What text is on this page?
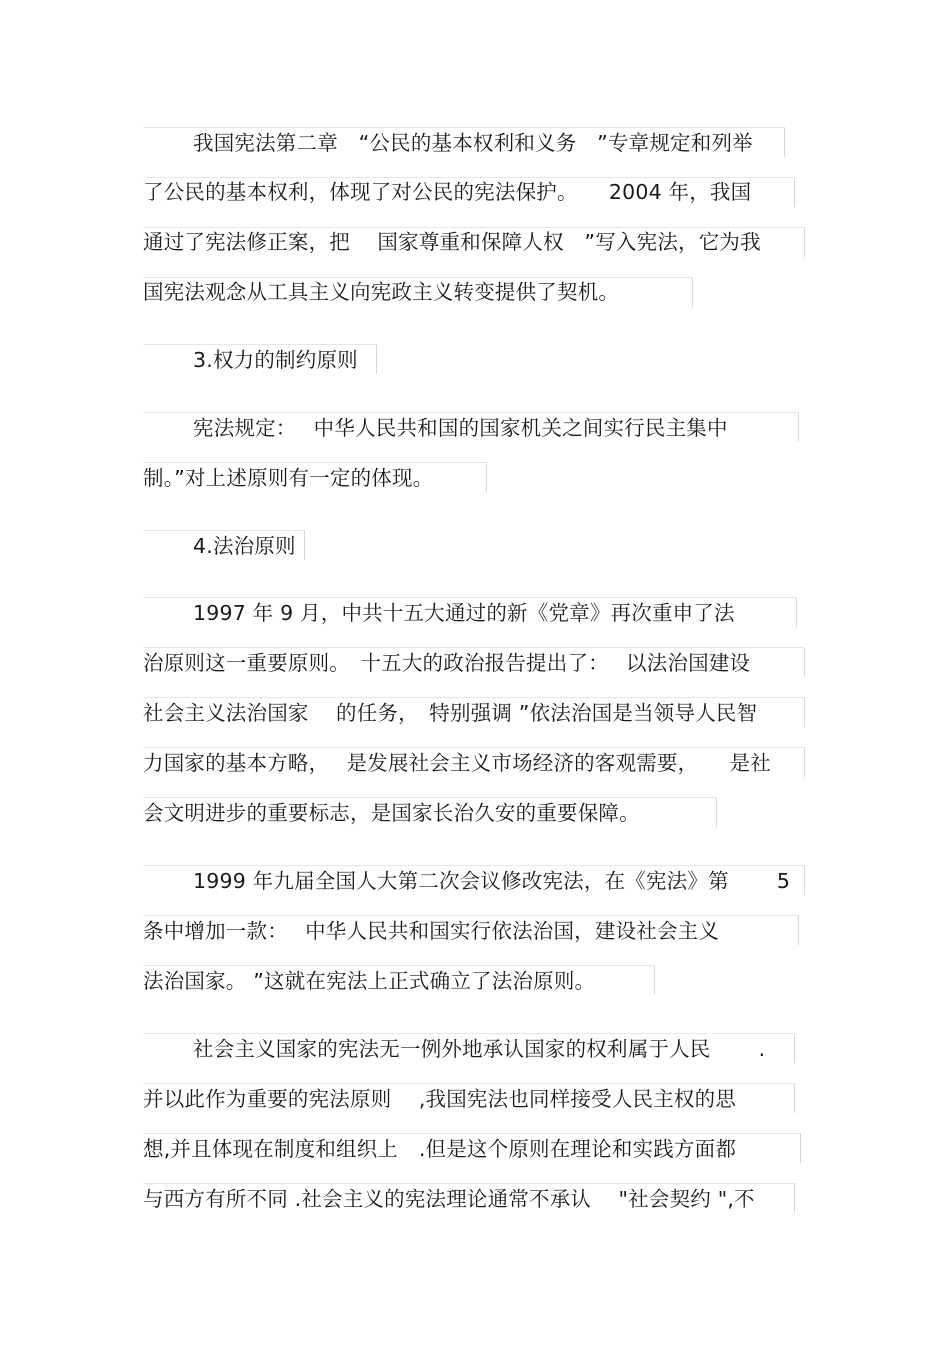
我国宪法第二章　“公民的基本权利和义务　”专章规定和列举
了公民的基本权利，体现了对公民的宪法保护。　　2004 年，我国
通过了宪法修正案，把　 国家尊重和保障人权　”写入宪法，它为我
国宪法观念从工具主义向宪政主义转变提供了契机。
3.权力的制约原则
宪法规定：　 中华人民共和国的国家机关之间实行民主集中
制。”对上述原则有一定的体现。
4.法治原则
1997 年 9 月，中共十五大通过的新《党章》再次重申了法
治原则这一重要原则。　十五大的政治报告提出了：　 以法治国建设
社会主义法治国家　 的任务，　特别强调 ”依法治国是当领导人民智
力国家的基本方略，　 是发展社会主义市场经济的客观需要，　　是社
会文明进步的重要标志，是国家长治久安的重要保障。
1999 年九届全国人大第二次会议修改宪法，在《宪法》第　　 5
条中增加一款：　 中华人民共和国实行依法治国，建设社会主义
法治国家。 ”这就在宪法上正式确立了法治原则。
社会主义国家的宪法无一例外地承认国家的权利属于人民　　 .
并以此作为重要的宪法原则　 ,我国宪法也同样接受人民主权的思
想,并且体现在制度和组织上　.但是这个原则在理论和实践方面都
与西方有所不同 .社会主义的宪法理论通常不承认　 "社会契约 ",不
